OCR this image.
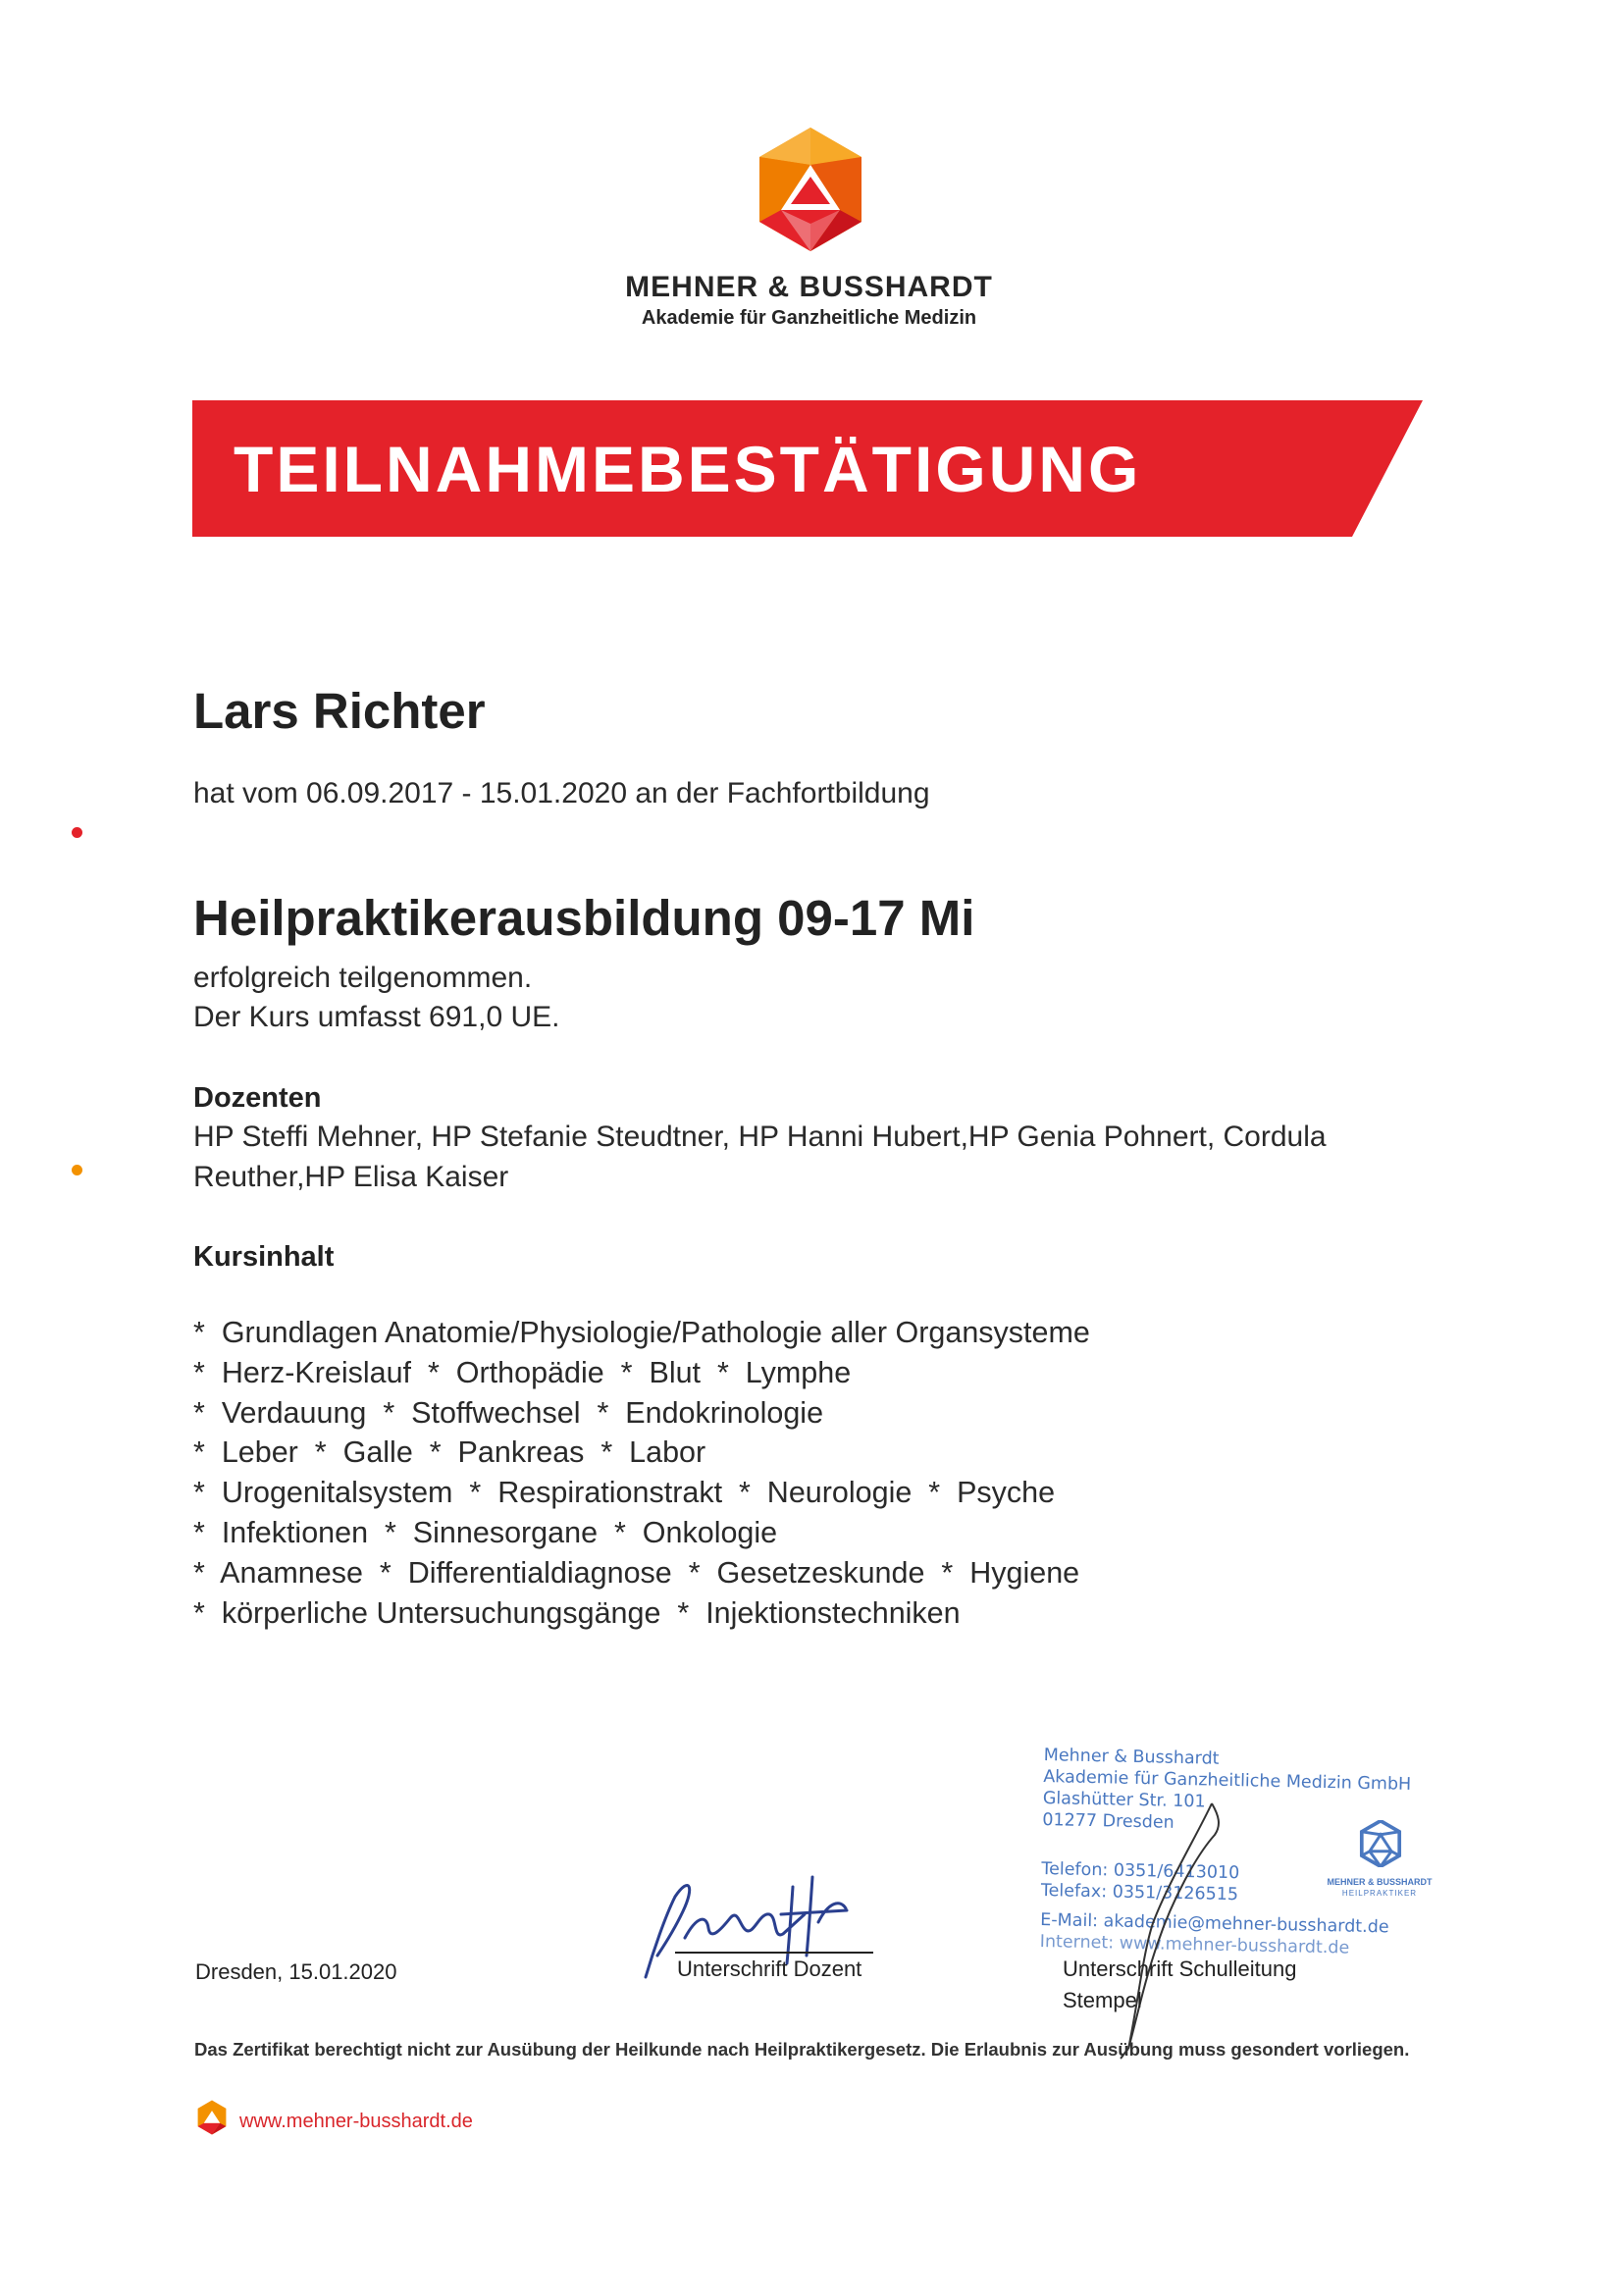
MEHNER & BUSSHARDT
Akademie für Ganzheitliche Medizin
TEILNAHMEBESTÄTIGUNG
Lars Richter
hat vom 06.09.2017 - 15.01.2020 an der Fachfortbildung
Heilpraktikerausbildung 09-17 Mi
erfolgreich teilgenommen.
Der Kurs umfasst 691,0 UE.
Dozenten
HP Steffi Mehner, HP Stefanie Steudtner, HP Hanni Hubert,HP Genia Pohnert, Cordula
Reuther,HP Elisa Kaiser
Kursinhalt
*  Grundlagen Anatomie/Physiologie/Pathologie aller Organsysteme
*  Herz-Kreislauf  *  Orthopädie  *  Blut  *  Lymphe
*  Verdauung  *  Stoffwechsel  *  Endokrinologie
*  Leber  *  Galle  *  Pankreas  *  Labor
*  Urogenitalsystem  *  Respirationstrakt  *  Neurologie  *  Psyche
*  Infektionen  *  Sinnesorgane  *  Onkologie
*  Anamnese  *  Differentialdiagnose  *  Gesetzeskunde  *  Hygiene
*  körperliche Untersuchungsgänge  *  Injektionstechniken
Mehner & Busshardt
Akademie für Ganzheitliche Medizin GmbH
Glashütter Str. 101
01277 Dresden
Telefon: 0351/6413010
Telefax: 0351/3126515
E-Mail: akademie@mehner-busshardt.de
Internet: www.mehner-busshardt.de
MEHNER & BUSSHARDT
HEILPRAKTIKER
Dresden, 15.01.2020	Unterschrift Dozent	Unterschrift Schulleitung
Stempel
Das Zertifikat berechtigt nicht zur Ausübung der Heilkunde nach Heilpraktikergesetz. Die Erlaubnis zur Ausübung muss gesondert vorliegen.
www.mehner-busshardt.de
